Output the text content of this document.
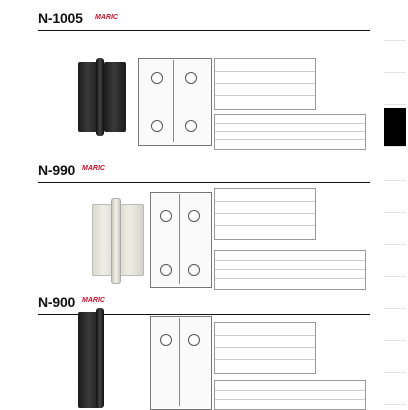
N-1005 MARIC
N-990 MARIC
N-900 MARIC
